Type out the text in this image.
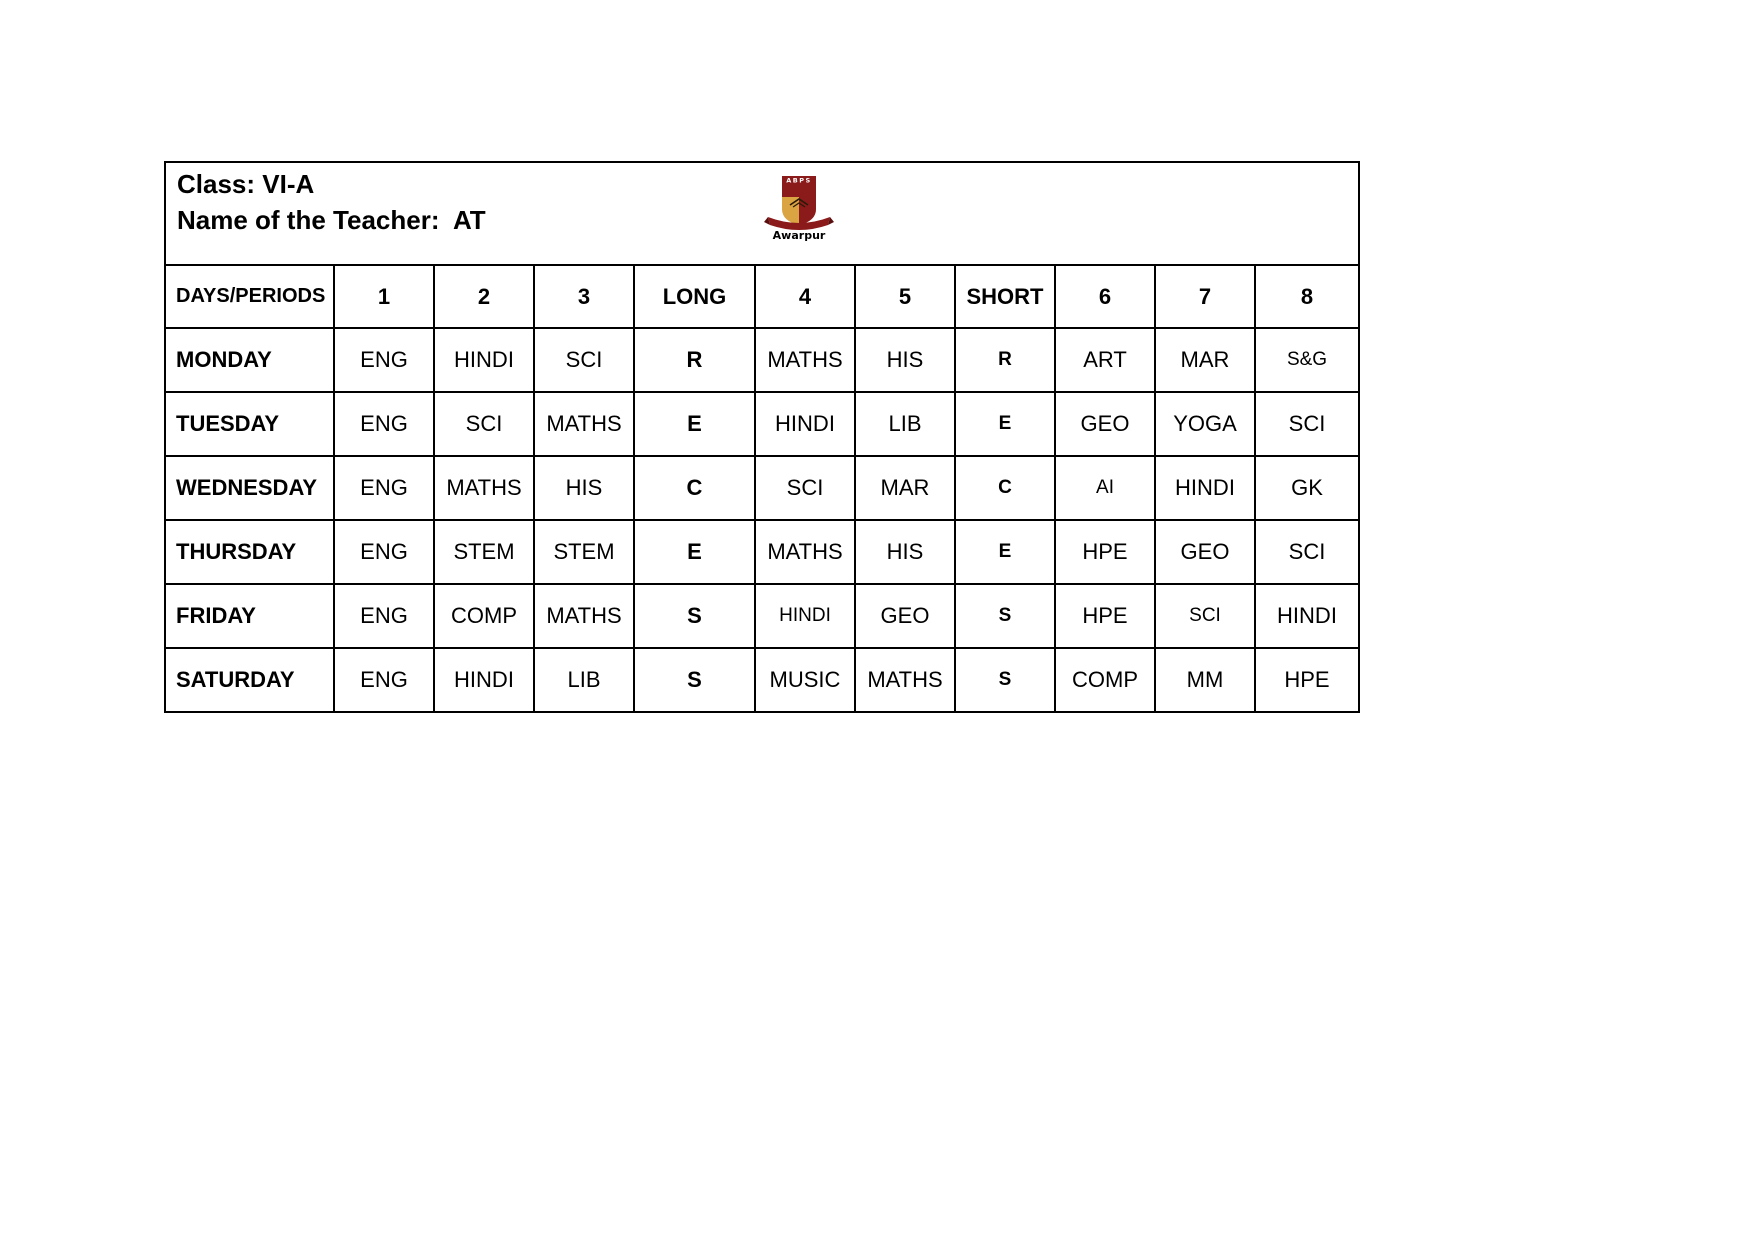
Class: VI-A
Name of the Teacher:  AT
ABPS
Awarpur
DAYS/PERIODS	1	2	3	LONG	4	5	SHORT	6	7	8
MONDAY	ENG	HINDI	SCI	R	MATHS	HIS	R	ART	MAR	S&G
TUESDAY	ENG	SCI	MATHS	E	HINDI	LIB	E	GEO	YOGA	SCI
WEDNESDAY	ENG	MATHS	HIS	C	SCI	MAR	C	AI	HINDI	GK
THURSDAY	ENG	STEM	STEM	E	MATHS	HIS	E	HPE	GEO	SCI
FRIDAY	ENG	COMP	MATHS	S	HINDI	GEO	S	HPE	SCI	HINDI
SATURDAY	ENG	HINDI	LIB	S	MUSIC	MATHS	S	COMP	MM	HPE
